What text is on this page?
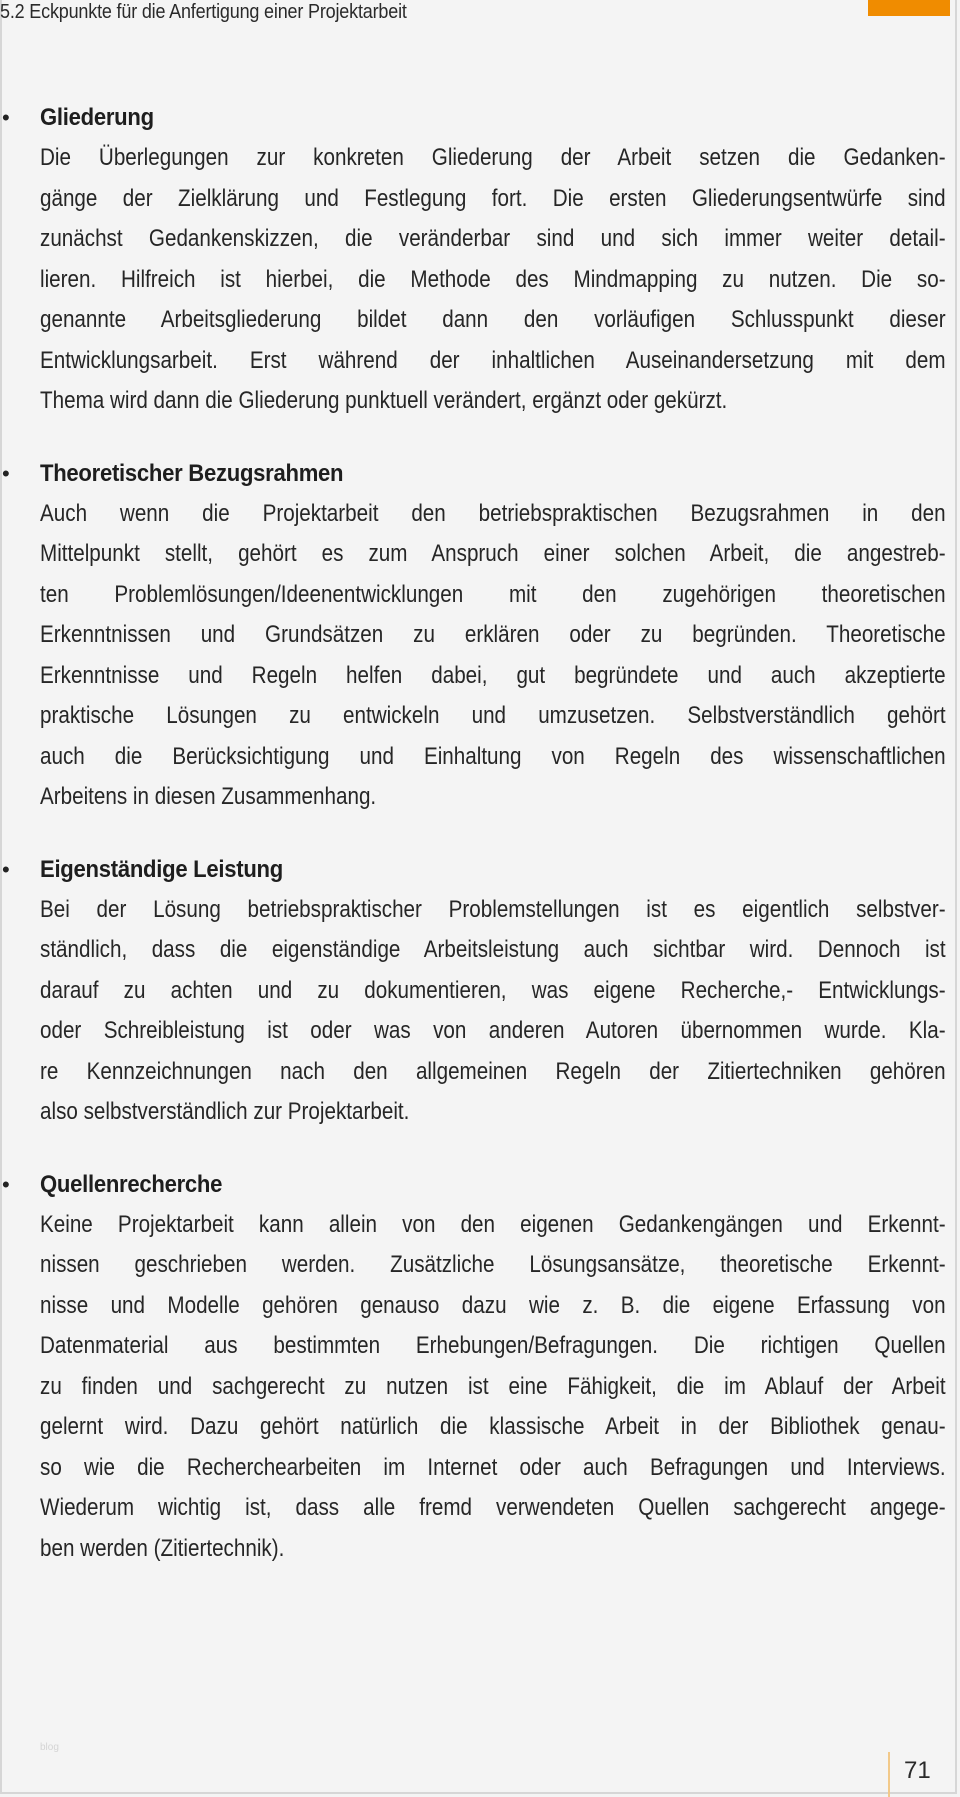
5.2 Eckpunkte für die Anfertigung einer Projektarbeit
• Gliederung
Die Überlegungen zur konkreten Gliederung der Arbeit setzen die Gedanken-
gänge der Zielklärung und Festlegung fort. Die ersten Gliederungsentwürfe sind
zunächst Gedankenskizzen, die veränderbar sind und sich immer weiter detail-
lieren. Hilfreich ist hierbei, die Methode des Mindmapping zu nutzen. Die so-
genannte Arbeitsgliederung bildet dann den vorläufigen Schlusspunkt dieser
Entwicklungsarbeit. Erst während der inhaltlichen Auseinandersetzung mit dem
Thema wird dann die Gliederung punktuell verändert, ergänzt oder gekürzt.
• Theoretischer Bezugsrahmen
Auch wenn die Projektarbeit den betriebspraktischen Bezugsrahmen in den
Mittelpunkt stellt, gehört es zum Anspruch einer solchen Arbeit, die angestreb-
ten Problemlösungen/Ideenentwicklungen mit den zugehörigen theoretischen
Erkenntnissen und Grundsätzen zu erklären oder zu begründen. Theoretische
Erkenntnisse und Regeln helfen dabei, gut begründete und auch akzeptierte
praktische Lösungen zu entwickeln und umzusetzen. Selbstverständlich gehört
auch die Berücksichtigung und Einhaltung von Regeln des wissenschaftlichen
Arbeitens in diesen Zusammenhang.
• Eigenständige Leistung
Bei der Lösung betriebspraktischer Problemstellungen ist es eigentlich selbstver-
ständlich, dass die eigenständige Arbeitsleistung auch sichtbar wird. Dennoch ist
darauf zu achten und zu dokumentieren, was eigene Recherche,- Entwicklungs-
oder Schreibleistung ist oder was von anderen Autoren übernommen wurde. Kla-
re Kennzeichnungen nach den allgemeinen Regeln der Zitiertechniken gehören
also selbstverständlich zur Projektarbeit.
• Quellenrecherche
Keine Projektarbeit kann allein von den eigenen Gedankengängen und Erkennt-
nissen geschrieben werden. Zusätzliche Lösungsansätze, theoretische Erkennt-
nisse und Modelle gehören genauso dazu wie z. B. die eigene Erfassung von
Datenmaterial aus bestimmten Erhebungen/Befragungen. Die richtigen Quellen
zu finden und sachgerecht zu nutzen ist eine Fähigkeit, die im Ablauf der Arbeit
gelernt wird. Dazu gehört natürlich die klassische Arbeit in der Bibliothek genau-
so wie die Recherchearbeiten im Internet oder auch Befragungen und Interviews.
Wiederum wichtig ist, dass alle fremd verwendeten Quellen sachgerecht angege-
ben werden (Zitiertechnik).
blog
71
